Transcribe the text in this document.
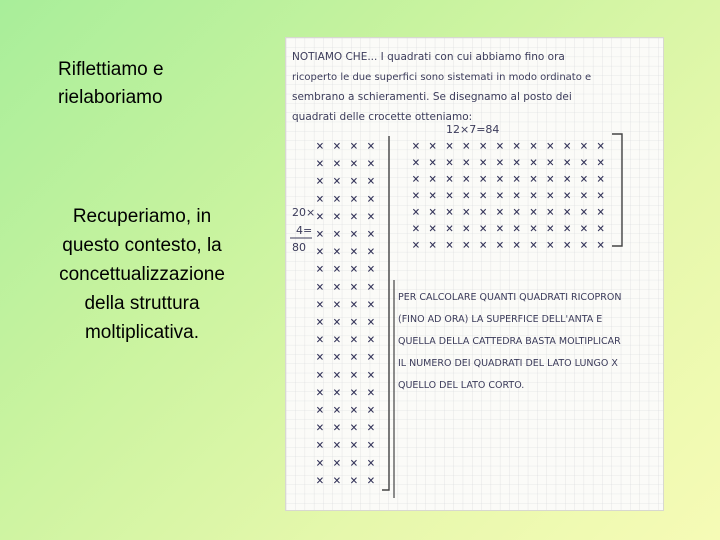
Riflettiamo e
rielaboriamo
Recuperiamo, in
questo contesto, la
concettualizzazione
della struttura
moltiplicativa.
NOTIAMO CHE... I quadrati con cui abbiamo fino ora
ricoperto le due superfici sono sistemati in modo ordinato e
sembrano a schieramenti. Se disegnamo al posto dei
quadrati delle crocette otteniamo:
12×7=84
20×
4=
80
× × × ×
× × × ×
× × × ×
× × × ×
× × × ×
× × × ×
× × × ×
× × × ×
× × × ×
× × × ×
× × × ×
× × × ×
× × × ×
× × × ×
× × × ×
× × × ×
× × × ×
× × × ×
× × × ×
× × × ×
× × × × × × × × × × × ×
× × × × × × × × × × × ×
× × × × × × × × × × × ×
× × × × × × × × × × × ×
× × × × × × × × × × × ×
× × × × × × × × × × × ×
× × × × × × × × × × × ×
PER CALCOLARE QUANTI QUADRATI RICOPRON
(FINO AD ORA) LA SUPERFICE DELL'ANTA E
QUELLA DELLA CATTEDRA BASTA MOLTIPLICAR
IL NUMERO DEI QUADRATI DEL LATO LUNGO X
QUELLO DEL LATO CORTO.
